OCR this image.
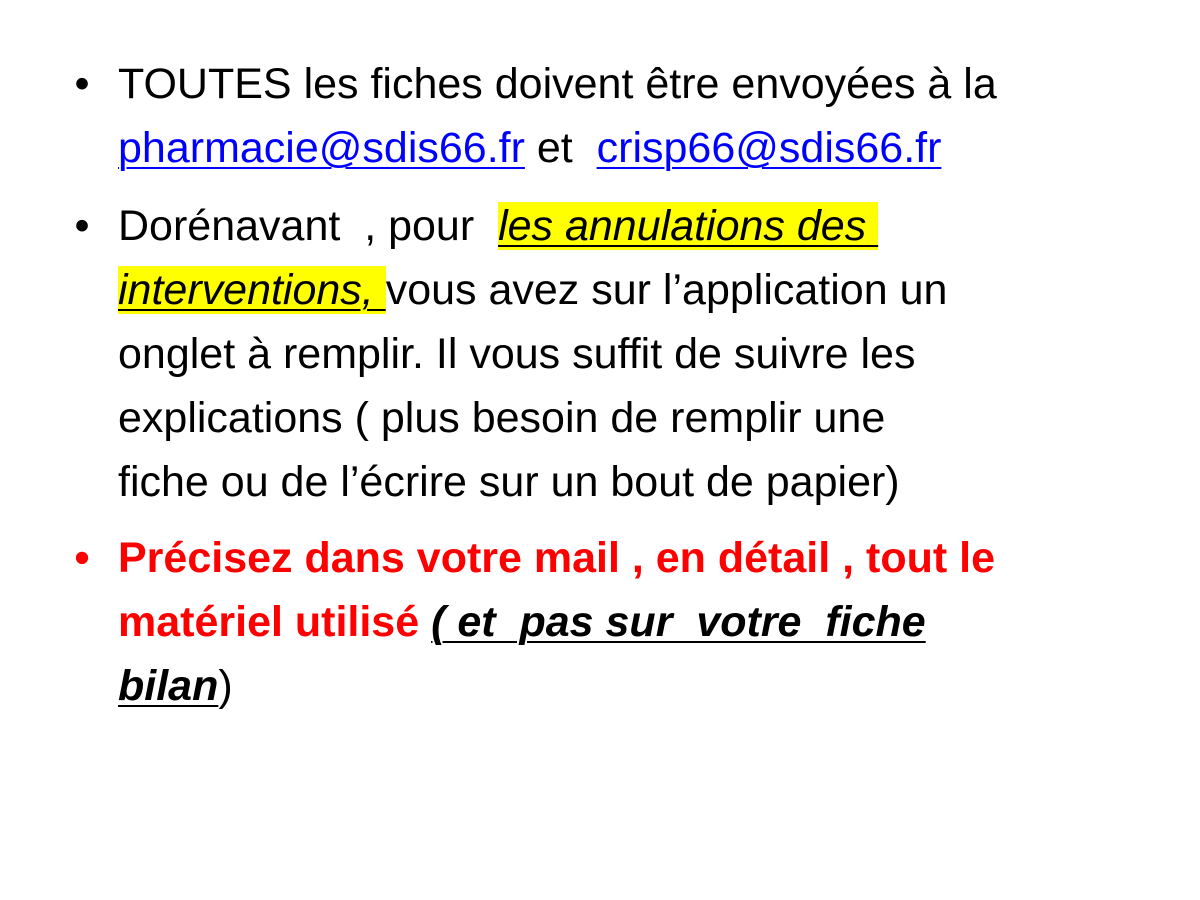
• TOUTES les fiches doivent être envoyées à la
pharmacie@sdis66.fr et  crisp66@sdis66.fr
• Dorénavant  , pour  les annulations des
interventions, vous avez sur l’application un
onglet à remplir. Il vous suffit de suivre les
explications ( plus besoin de remplir une
fiche ou de l’écrire sur un bout de papier)
• Précisez dans votre mail , en détail , tout le
matériel utilisé ( et  pas sur  votre  fiche
bilan)
